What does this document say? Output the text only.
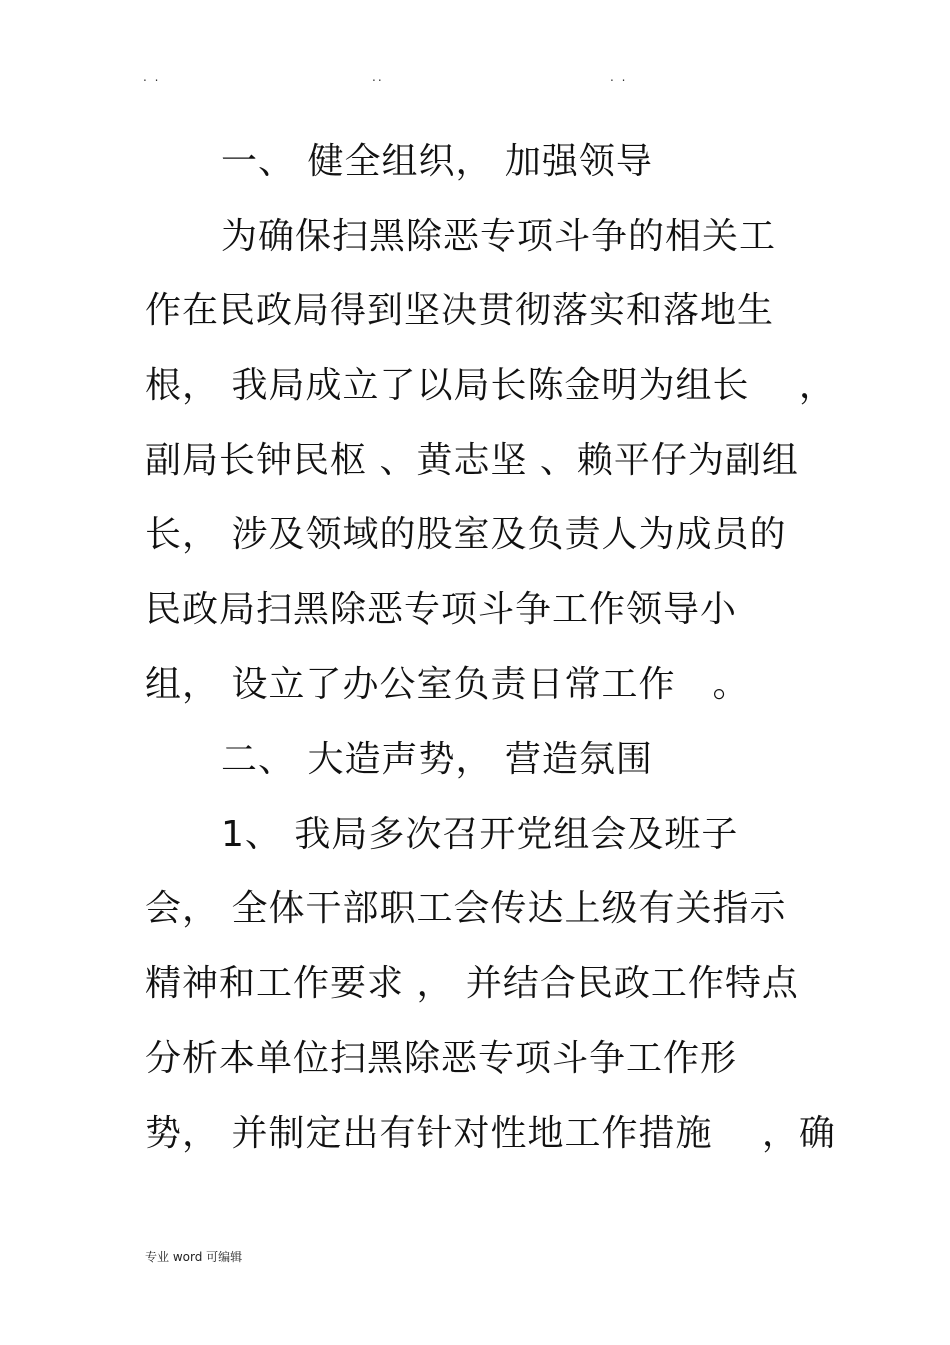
. .	..	. .
一、 健全组织， 加强领导
为确保扫黑除恶专项斗争的相关工
作在民政局得到坚决贯彻落实和落地生
根， 我局成立了以局长陈金明为组长　 ，
副局长钟民枢 、黄志坚 、赖平仔为副组
长， 涉及领域的股室及负责人为成员的
民政局扫黑除恶专项斗争工作领导小
组， 设立了办公室负责日常工作　。
二、 大造声势， 营造氛围
1、 我局多次召开党组会及班子
会， 全体干部职工会传达上级有关指示
精神和工作要求 ， 并结合民政工作特点
分析本单位扫黑除恶专项斗争工作形
势， 并制定出有针对性地工作措施　 ，确
专业 word 可编辑
